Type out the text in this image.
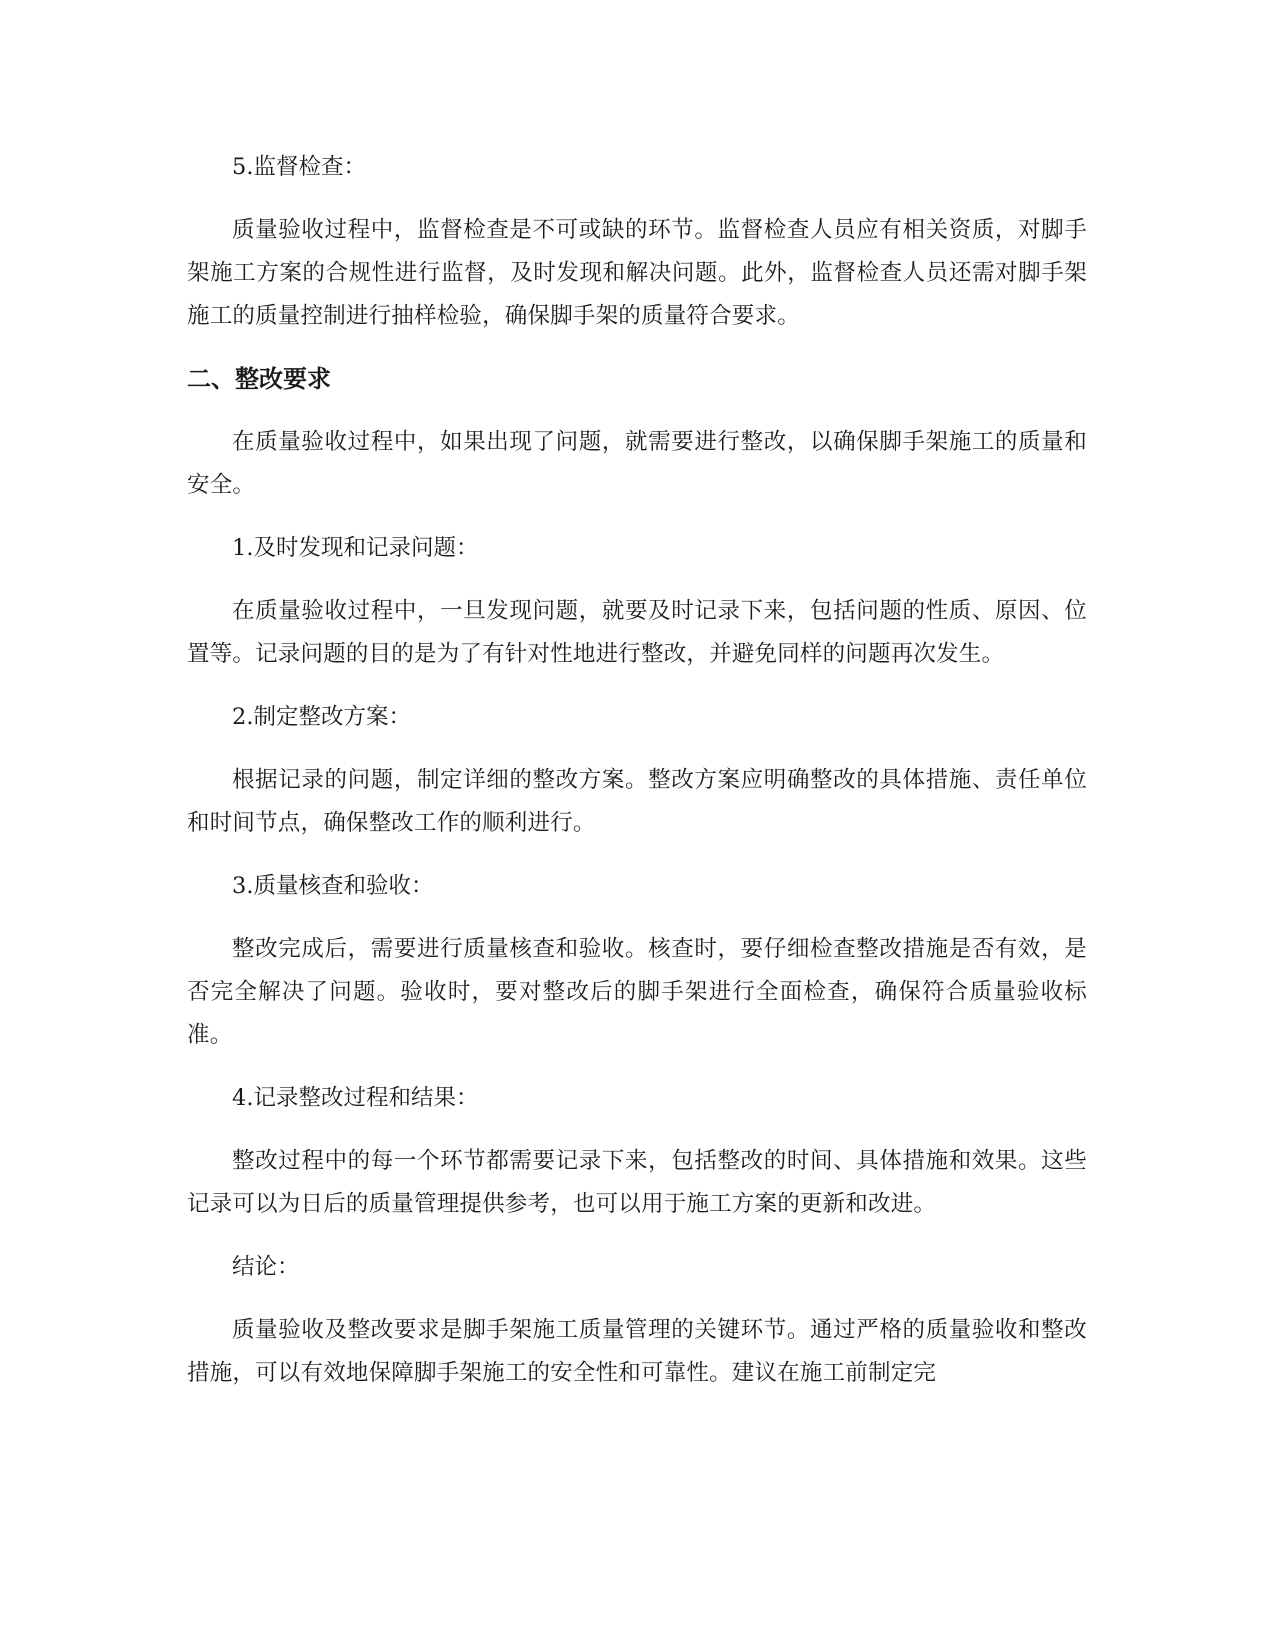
5.监督检查：
质量验收过程中，监督检查是不可或缺的环节。监督检查人员应有相关资质，对脚手架施工方案的合规性进行监督，及时发现和解决问题。此外，监督检查人员还需对脚手架施工的质量控制进行抽样检验，确保脚手架的质量符合要求。
二、整改要求
在质量验收过程中，如果出现了问题，就需要进行整改，以确保脚手架施工的质量和安全。
1.及时发现和记录问题：
在质量验收过程中，一旦发现问题，就要及时记录下来，包括问题的性质、原因、位置等。记录问题的目的是为了有针对性地进行整改，并避免同样的问题再次发生。
2.制定整改方案：
根据记录的问题，制定详细的整改方案。整改方案应明确整改的具体措施、责任单位和时间节点，确保整改工作的顺利进行。
3.质量核查和验收：
整改完成后，需要进行质量核查和验收。核查时，要仔细检查整改措施是否有效，是否完全解决了问题。验收时，要对整改后的脚手架进行全面检查，确保符合质量验收标准。
4.记录整改过程和结果：
整改过程中的每一个环节都需要记录下来，包括整改的时间、具体措施和效果。这些记录可以为日后的质量管理提供参考，也可以用于施工方案的更新和改进。
结论：
质量验收及整改要求是脚手架施工质量管理的关键环节。通过严格的质量验收和整改措施，可以有效地保障脚手架施工的安全性和可靠性。建议在施工前制定完
